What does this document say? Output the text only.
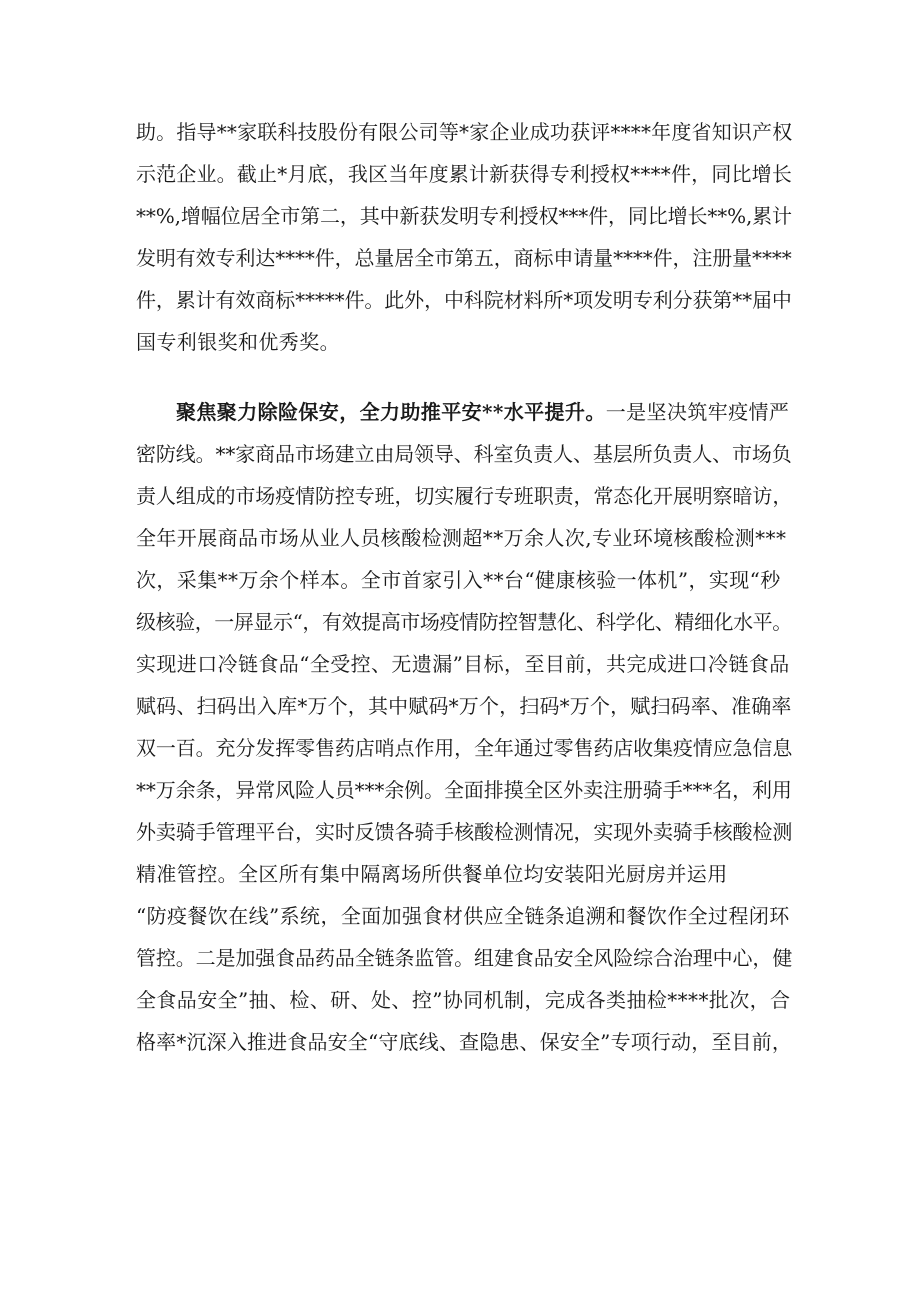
助。指导**家联科技股份有限公司等*家企业成功获评****年度省知识产权
示范企业。截止*月底，我区当年度累计新获得专利授权****件，同比增长
**%,增幅位居全市第二，其中新获发明专利授权***件，同比增长**%,累计
发明有效专利达****件，总量居全市第五，商标申请量****件，注册量****
件，累计有效商标*****件。此外，中科院材料所*项发明专利分获第**届中
国专利银奖和优秀奖。
聚焦聚力除险保安，全力助推平安**水平提升。一是坚决筑牢疫情严
密防线。**家商品市场建立由局领导、科室负责人、基层所负责人、市场负
责人组成的市场疫情防控专班，切实履行专班职责，常态化开展明察暗访，
全年开展商品市场从业人员核酸检测超**万余人次,专业环境核酸检测***
次，采集**万余个样本。全市首家引入**台“健康核验一体机”，实现“秒
级核验，一屏显示“，有效提高市场疫情防控智慧化、科学化、精细化水平。
实现进口冷链食品“全受控、无遗漏”目标，至目前，共完成进口冷链食品
赋码、扫码出入库*万个，其中赋码*万个，扫码*万个，赋扫码率、准确率
双一百。充分发挥零售药店哨点作用，全年通过零售药店收集疫情应急信息
**万余条，异常风险人员***余例。全面排摸全区外卖注册骑手***名，利用
外卖骑手管理平台，实时反馈各骑手核酸检测情况，实现外卖骑手核酸检测
精准管控。全区所有集中隔离场所供餐单位均安装阳光厨房并运用
“防疫餐饮在线”系统，全面加强食材供应全链条追溯和餐饮作全过程闭环
管控。二是加强食品药品全链条监管。组建食品安全风险综合治理中心，健
全食品安全”抽、检、研、处、控”协同机制，完成各类抽检****批次，合
格率*沉深入推进食品安全“守底线、查隐患、保安全”专项行动，至目前，
